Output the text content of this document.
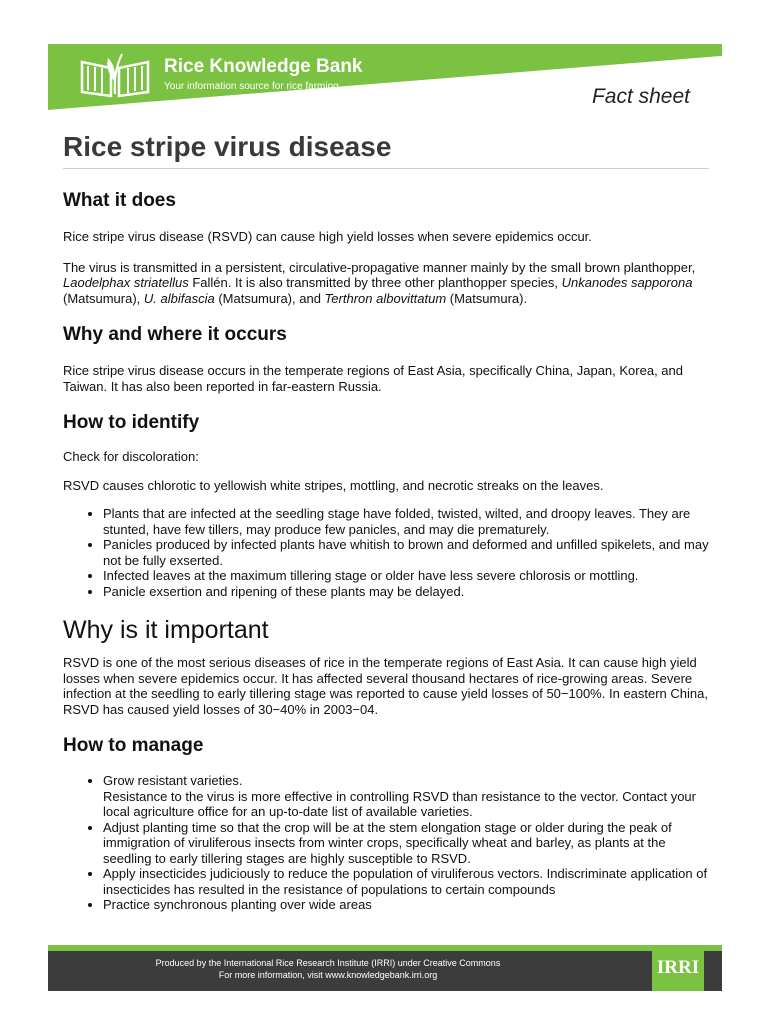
Rice Knowledge Bank
Your information source for rice farming	Fact sheet
Rice stripe virus disease
What it does

Rice stripe virus disease (RSVD) can cause high yield losses when severe epidemics occur.

The virus is transmitted in a persistent, circulative-propagative manner mainly by the small brown planthopper, Laodelphax striatellus Fallén. It is also transmitted by three other planthopper species, Unkanodes sapporona (Matsumura), U. albifascia (Matsumura), and Terthron albovittatum (Matsumura).

Why and where it occurs

Rice stripe virus disease occurs in the temperate regions of East Asia, specifically China, Japan, Korea, and Taiwan. It has also been reported in far-eastern Russia.

How to identify

Check for discoloration:

RSVD causes chlorotic to yellowish white stripes, mottling, and necrotic streaks on the leaves.

• Plants that are infected at the seedling stage have folded, twisted, wilted, and droopy leaves. They are stunted, have few tillers, may produce few panicles, and may die prematurely.
• Panicles produced by infected plants have whitish to brown and deformed and unfilled spikelets, and may not be fully exserted.
• Infected leaves at the maximum tillering stage or older have less severe chlorosis or mottling.
• Panicle exsertion and ripening of these plants may be delayed.
Why is it important

RSVD is one of the most serious diseases of rice in the temperate regions of East Asia. It can cause high yield losses when severe epidemics occur. It has affected several thousand hectares of rice-growing areas. Severe infection at the seedling to early tillering stage was reported to cause yield losses of 50−100%. In eastern China, RSVD has caused yield losses of 30−40% in 2003−04.

How to manage
• Grow resistant varieties.
Resistance to the virus is more effective in controlling RSVD than resistance to the vector. Contact your local agriculture office for an up-to-date list of available varieties.
• Adjust planting time so that the crop will be at the stem elongation stage or older during the peak of immigration of viruliferous insects from winter crops, specifically wheat and barley, as plants at the seedling to early tillering stages are highly susceptible to RSVD.
• Apply insecticides judiciously to reduce the population of viruliferous vectors. Indiscriminate application of insecticides has resulted in the resistance of populations to certain compounds
• Practice synchronous planting over wide areas
Produced by the International Rice Research Institute (IRRI) under Creative Commons
For more information, visit www.knowledgebank.irri.org	IRRI
